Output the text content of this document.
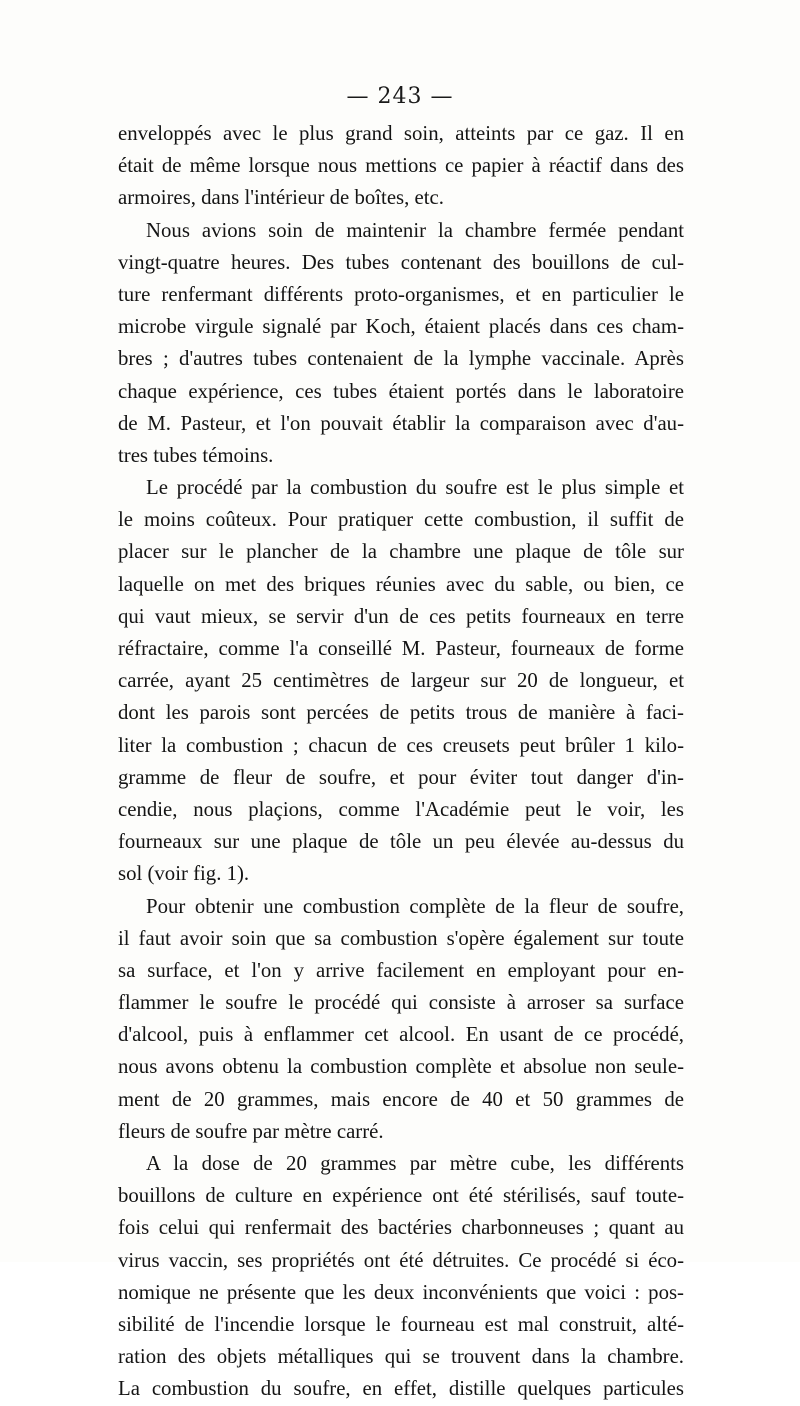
— 243 —
enveloppés avec le plus grand soin, atteints par ce gaz. Il en
était de même lorsque nous mettions ce papier à réactif dans des
armoires, dans l'intérieur de boîtes, etc.
Nous avions soin de maintenir la chambre fermée pendant
vingt-quatre heures. Des tubes contenant des bouillons de cul-
ture renfermant différents proto-organismes, et en particulier le
microbe virgule signalé par Koch, étaient placés dans ces cham-
bres ; d'autres tubes contenaient de la lymphe vaccinale. Après
chaque expérience, ces tubes étaient portés dans le laboratoire
de M. Pasteur, et l'on pouvait établir la comparaison avec d'au-
tres tubes témoins.
Le procédé par la combustion du soufre est le plus simple et
le moins coûteux. Pour pratiquer cette combustion, il suffit de
placer sur le plancher de la chambre une plaque de tôle sur
laquelle on met des briques réunies avec du sable, ou bien, ce
qui vaut mieux, se servir d'un de ces petits fourneaux en terre
réfractaire, comme l'a conseillé M. Pasteur, fourneaux de forme
carrée, ayant 25 centimètres de largeur sur 20 de longueur, et
dont les parois sont percées de petits trous de manière à faci-
liter la combustion ; chacun de ces creusets peut brûler 1 kilo-
gramme de fleur de soufre, et pour éviter tout danger d'in-
cendie, nous plaçions, comme l'Académie peut le voir, les
fourneaux sur une plaque de tôle un peu élevée au-dessus du
sol (voir fig. 1).
Pour obtenir une combustion complète de la fleur de soufre,
il faut avoir soin que sa combustion s'opère également sur toute
sa surface, et l'on y arrive facilement en employant pour en-
flammer le soufre le procédé qui consiste à arroser sa surface
d'alcool, puis à enflammer cet alcool. En usant de ce procédé,
nous avons obtenu la combustion complète et absolue non seule-
ment de 20 grammes, mais encore de 40 et 50 grammes de
fleurs de soufre par mètre carré.
A la dose de 20 grammes par mètre cube, les différents
bouillons de culture en expérience ont été stérilisés, sauf toute-
fois celui qui renfermait des bactéries charbonneuses ; quant au
virus vaccin, ses propriétés ont été détruites. Ce procédé si éco-
nomique ne présente que les deux inconvénients que voici : pos-
sibilité de l'incendie lorsque le fourneau est mal construit, alté-
ration des objets métalliques qui se trouvent dans la chambre.
La combustion du soufre, en effet, distille quelques particules
